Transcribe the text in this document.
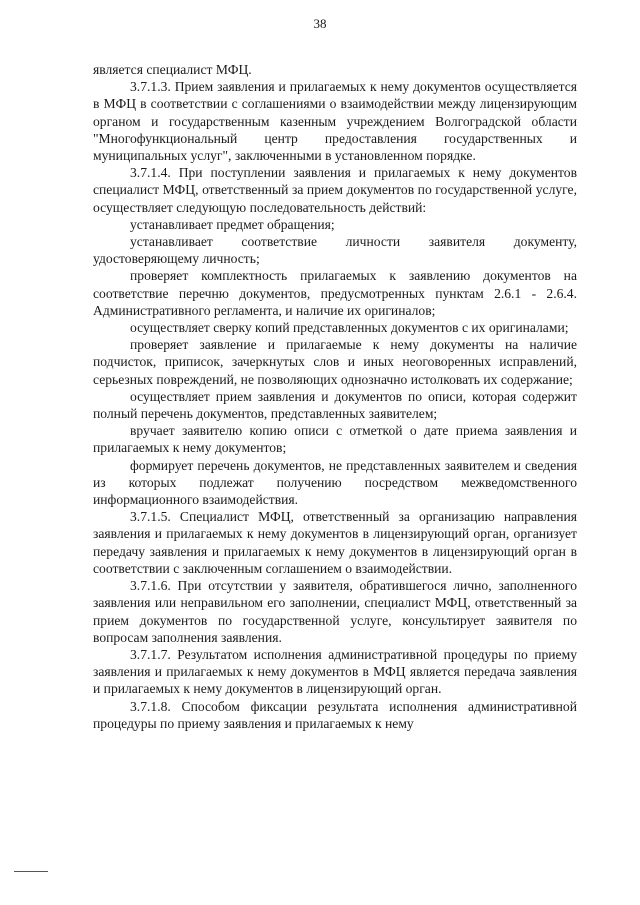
38

является специалист МФЦ.

3.7.1.3. Прием заявления и прилагаемых к нему документов осуществляется в МФЦ в соответствии с соглашениями о взаимодействии между лицензирующим органом и государственным казенным учреждением Волгоградской области "Многофункциональный центр предоставления государственных и муниципальных услуг", заключенными в установленном порядке.

3.7.1.4. При поступлении заявления и прилагаемых к нему документов специалист МФЦ, ответственный за прием документов по государственной услуге, осуществляет следующую последовательность действий:

устанавливает предмет обращения;

устанавливает соответствие личности заявителя документу, удостоверяющему личность;

проверяет комплектность прилагаемых к заявлению документов на соответствие перечню документов, предусмотренных пунктам 2.6.1 - 2.6.4. Административного регламента, и наличие их оригиналов;

осуществляет сверку копий представленных документов с их оригиналами;

проверяет заявление и прилагаемые к нему документы на наличие подчисток, приписок, зачеркнутых слов и иных неоговоренных исправлений, серьезных повреждений, не позволяющих однозначно истолковать их содержание;

осуществляет прием заявления и документов по описи, которая содержит полный перечень документов, представленных заявителем;

вручает заявителю копию описи с отметкой о дате приема заявления и прилагаемых к нему документов;

формирует перечень документов, не представленных заявителем и сведения из которых подлежат получению посредством межведомственного информационного взаимодействия.

3.7.1.5. Специалист МФЦ, ответственный за организацию направления заявления и прилагаемых к нему документов в лицензирующий орган, организует передачу заявления и прилагаемых к нему документов в лицензирующий орган в соответствии с заключенным соглашением о взаимодействии.

3.7.1.6. При отсутствии у заявителя, обратившегося лично, заполненного заявления или неправильном его заполнении, специалист МФЦ, ответственный за прием документов по государственной услуге, консультирует заявителя по вопросам заполнения заявления.

3.7.1.7. Результатом исполнения административной процедуры по приему заявления и прилагаемых к нему документов в МФЦ является передача заявления и прилагаемых к нему документов в лицензирующий орган.

3.7.1.8. Способом фиксации результата исполнения административной процедуры по приему заявления и прилагаемых к нему
